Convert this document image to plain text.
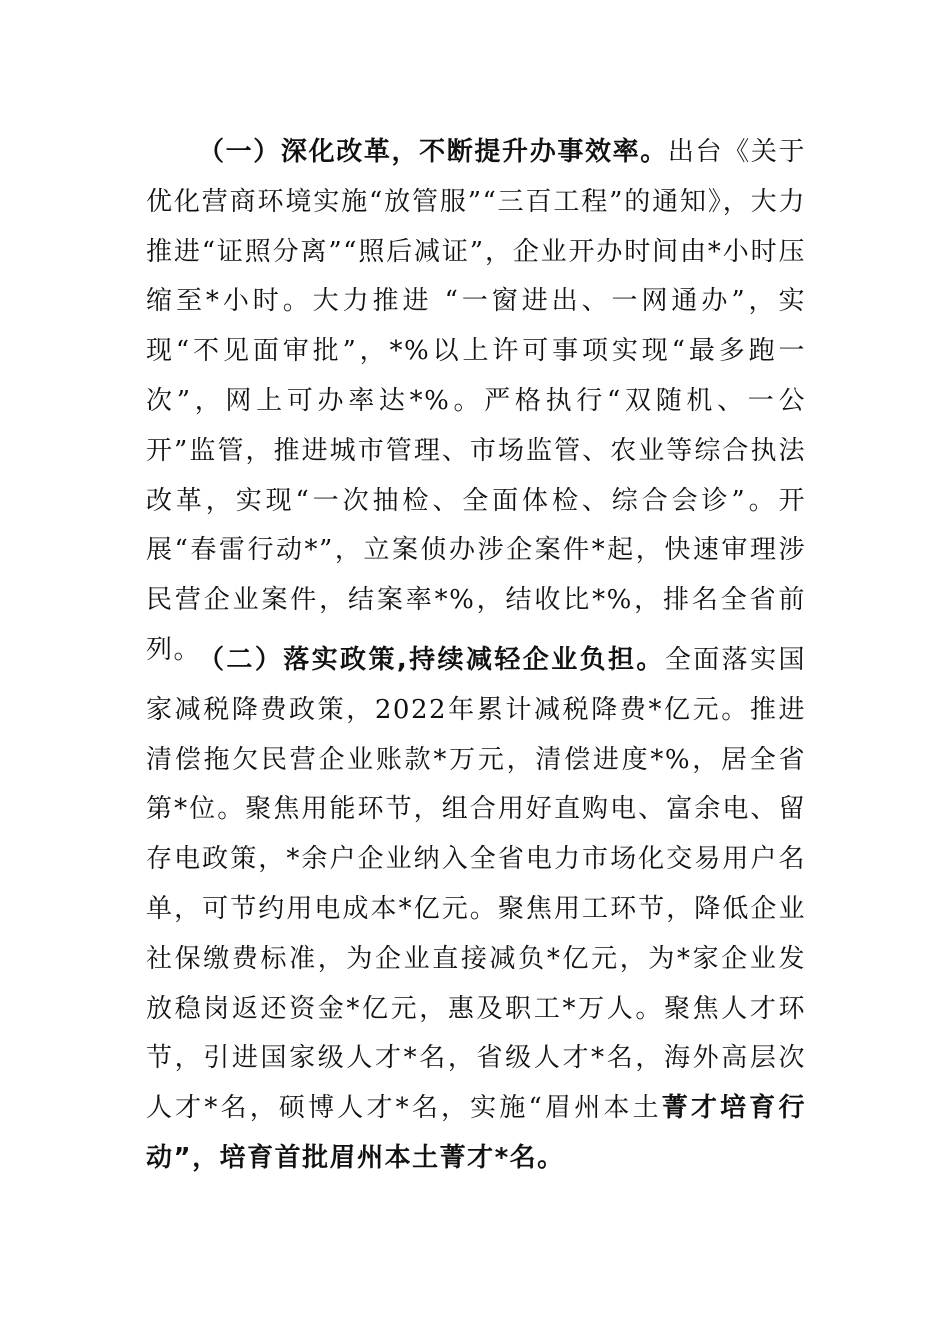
（一）深化改革，不断提升办事效率。出台《关于优化营商环境实施“放管服”“三百工程”的通知》，大力推进“证照分离”“照后减证”，企业开办时间由*小时压缩至*小时。大力推进 “一窗进出、一网通办”，实现“不见面审批”，*%以上许可事项实现“最多跑一次”，网上可办率达*%。严格执行“双随机、一公开”监管，推进城市管理、市场监管、农业等综合执法改革，实现“一次抽检、全面体检、综合会诊”。开展“春雷行动*”，立案侦办涉企案件*起，快速审理涉民营企业案件，结案率*%，结收比*%，排名全省前列。

（二）落实政策,持续减轻企业负担。全面落实国家减税降费政策，2022年累计减税降费*亿元。推进清偿拖欠民营企业账款*万元，清偿进度*%，居全省第*位。聚焦用能环节，组合用好直购电、富余电、留存电政策，*余户企业纳入全省电力市场化交易用户名单，可节约用电成本*亿元。聚焦用工环节，降低企业社保缴费标准，为企业直接减负*亿元，为*家企业发放稳岗返还资金*亿元，惠及职工*万人。聚焦人才环节，引进国家级人才*名，省级人才*名，海外高层次人才*名，硕博人才*名，实施“眉州本土菁才培育行动”，培育首批眉州本土菁才*名。
